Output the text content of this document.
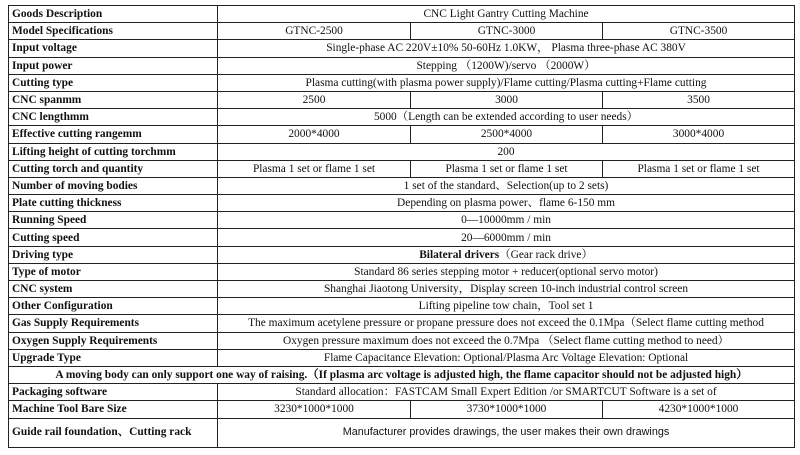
Goods Description	CNC Light Gantry Cutting Machine		
Model Specifications	GTNC-2500	GTNC-3000	GTNC-3500
Input voltage	Single-phase AC 220V±10% 50-60Hz 1.0KW， Plasma three-phase AC 380V		
Input power	Stepping （1200W)/servo （2000W）		
Cutting type	Plasma cutting(with plasma power supply)/Flame cutting/Plasma cutting+Flame cutting		
CNC spanmm	2500	3000	3500
CNC lengthmm	5000（Length can be extended according to user needs）		
Effective cutting rangemm	2000*4000	2500*4000	3000*4000
Lifting height of cutting torchmm	200		
Cutting torch and quantity	Plasma 1 set or flame 1 set	Plasma 1 set or flame 1 set	Plasma 1 set or flame 1 set
Number of moving bodies	1 set of the standard、Selection(up to 2 sets)		
Plate cutting thickness	Depending on plasma power、flame 6-150 mm		
Running Speed	0—10000mm / min		
Cutting speed	20—6000mm / min		
Driving type	Bilateral drivers（Gear rack drive）		
Type of motor	Standard 86 series stepping motor + reducer(optional servo motor)		
CNC system	Shanghai Jiaotong University，Display screen 10-inch industrial control screen		
Other Configuration	Lifting pipeline tow chain，Tool set 1		
Gas Supply Requirements	The maximum acetylene pressure or propane pressure does not exceed the 0.1Mpa（Select flame cutting method		
Oxygen Supply Requirements	Oxygen pressure maximum does not exceed the 0.7Mpa （Select flame cutting method to need）		
Upgrade Type	Flame Capacitance Elevation: Optional/Plasma Arc Voltage Elevation: Optional		
A moving body can only support one way of raising.（If plasma arc voltage is adjusted high, the flame capacitor should not be adjusted high）			
Packaging software	Standard allocation：FASTCAM Small Expert Edition /or SMARTCUT Software is a set of		
Machine Tool Bare Size	3230*1000*1000	3730*1000*1000	4230*1000*1000
Guide rail foundation、Cutting rack	Manufacturer provides drawings, the user makes their own drawings		
